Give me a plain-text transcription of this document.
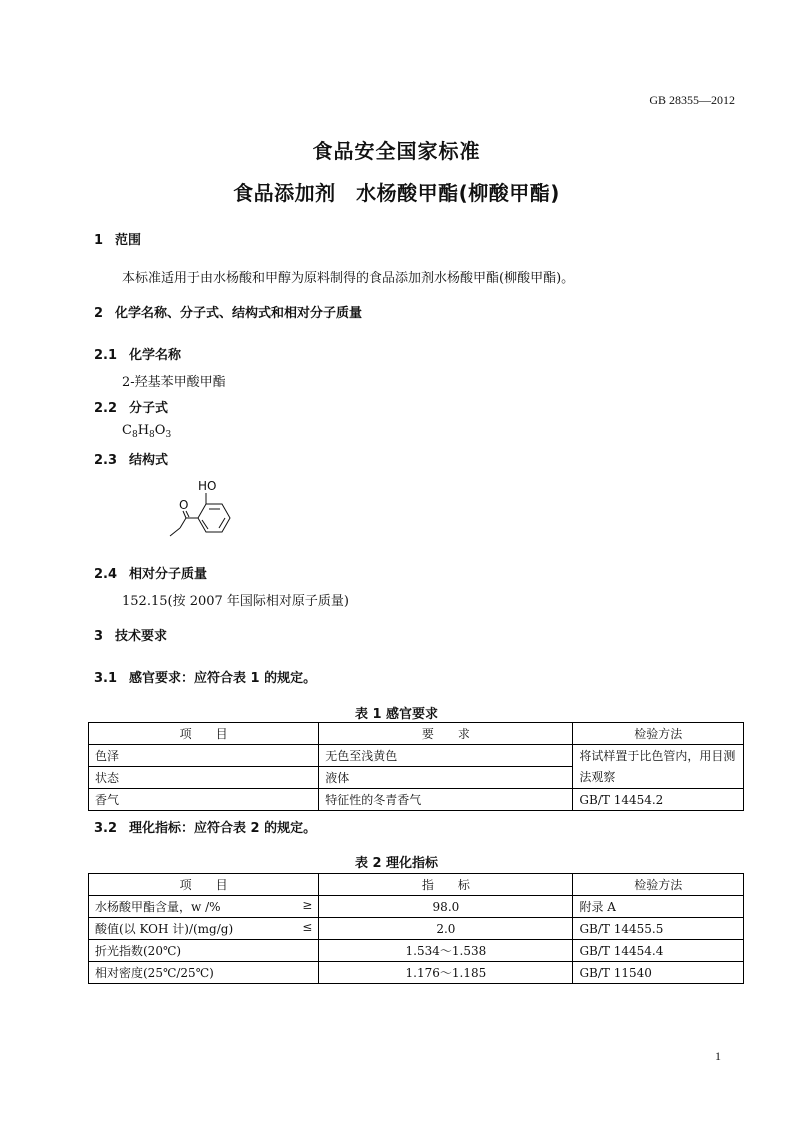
GB 28355—2012
食品安全国家标准
食品添加剂　水杨酸甲酯(柳酸甲酯)
1 范围
本标准适用于由水杨酸和甲醇为原料制得的食品添加剂水杨酸甲酯(柳酸甲酯)。
2 化学名称、分子式、结构式和相对分子质量
2.1 化学名称
2-羟基苯甲酸甲酯
2.2 分子式
$C_8H_8O_3$
2.3 结构式
HO
O
2.4 相对分子质量
152.15(按 2007 年国际相对原子质量)
3 技术要求
3.1 感官要求：应符合表 1 的规定。
表 1 感官要求
项　　目	要　　求	检验方法
色泽	无色至浅黄色	将试样置于比色管内，用目测法观察
状态	液体	
香气	特征性的冬青香气	GB/T 14454.2
3.2 理化指标：应符合表 2 的规定。
表 2 理化指标
项　　目	指　　标	检验方法

水杨酸甲酯含量，w /% ≥	98.0	附录 A

酸值(以 KOH 计)/(mg/g) ≤	2.0	GB/T 14455.5
折光指数(20℃)	1.534～1.538	GB/T 14454.4
相对密度(25℃/25℃)	1.176～1.185	GB/T 11540
1
